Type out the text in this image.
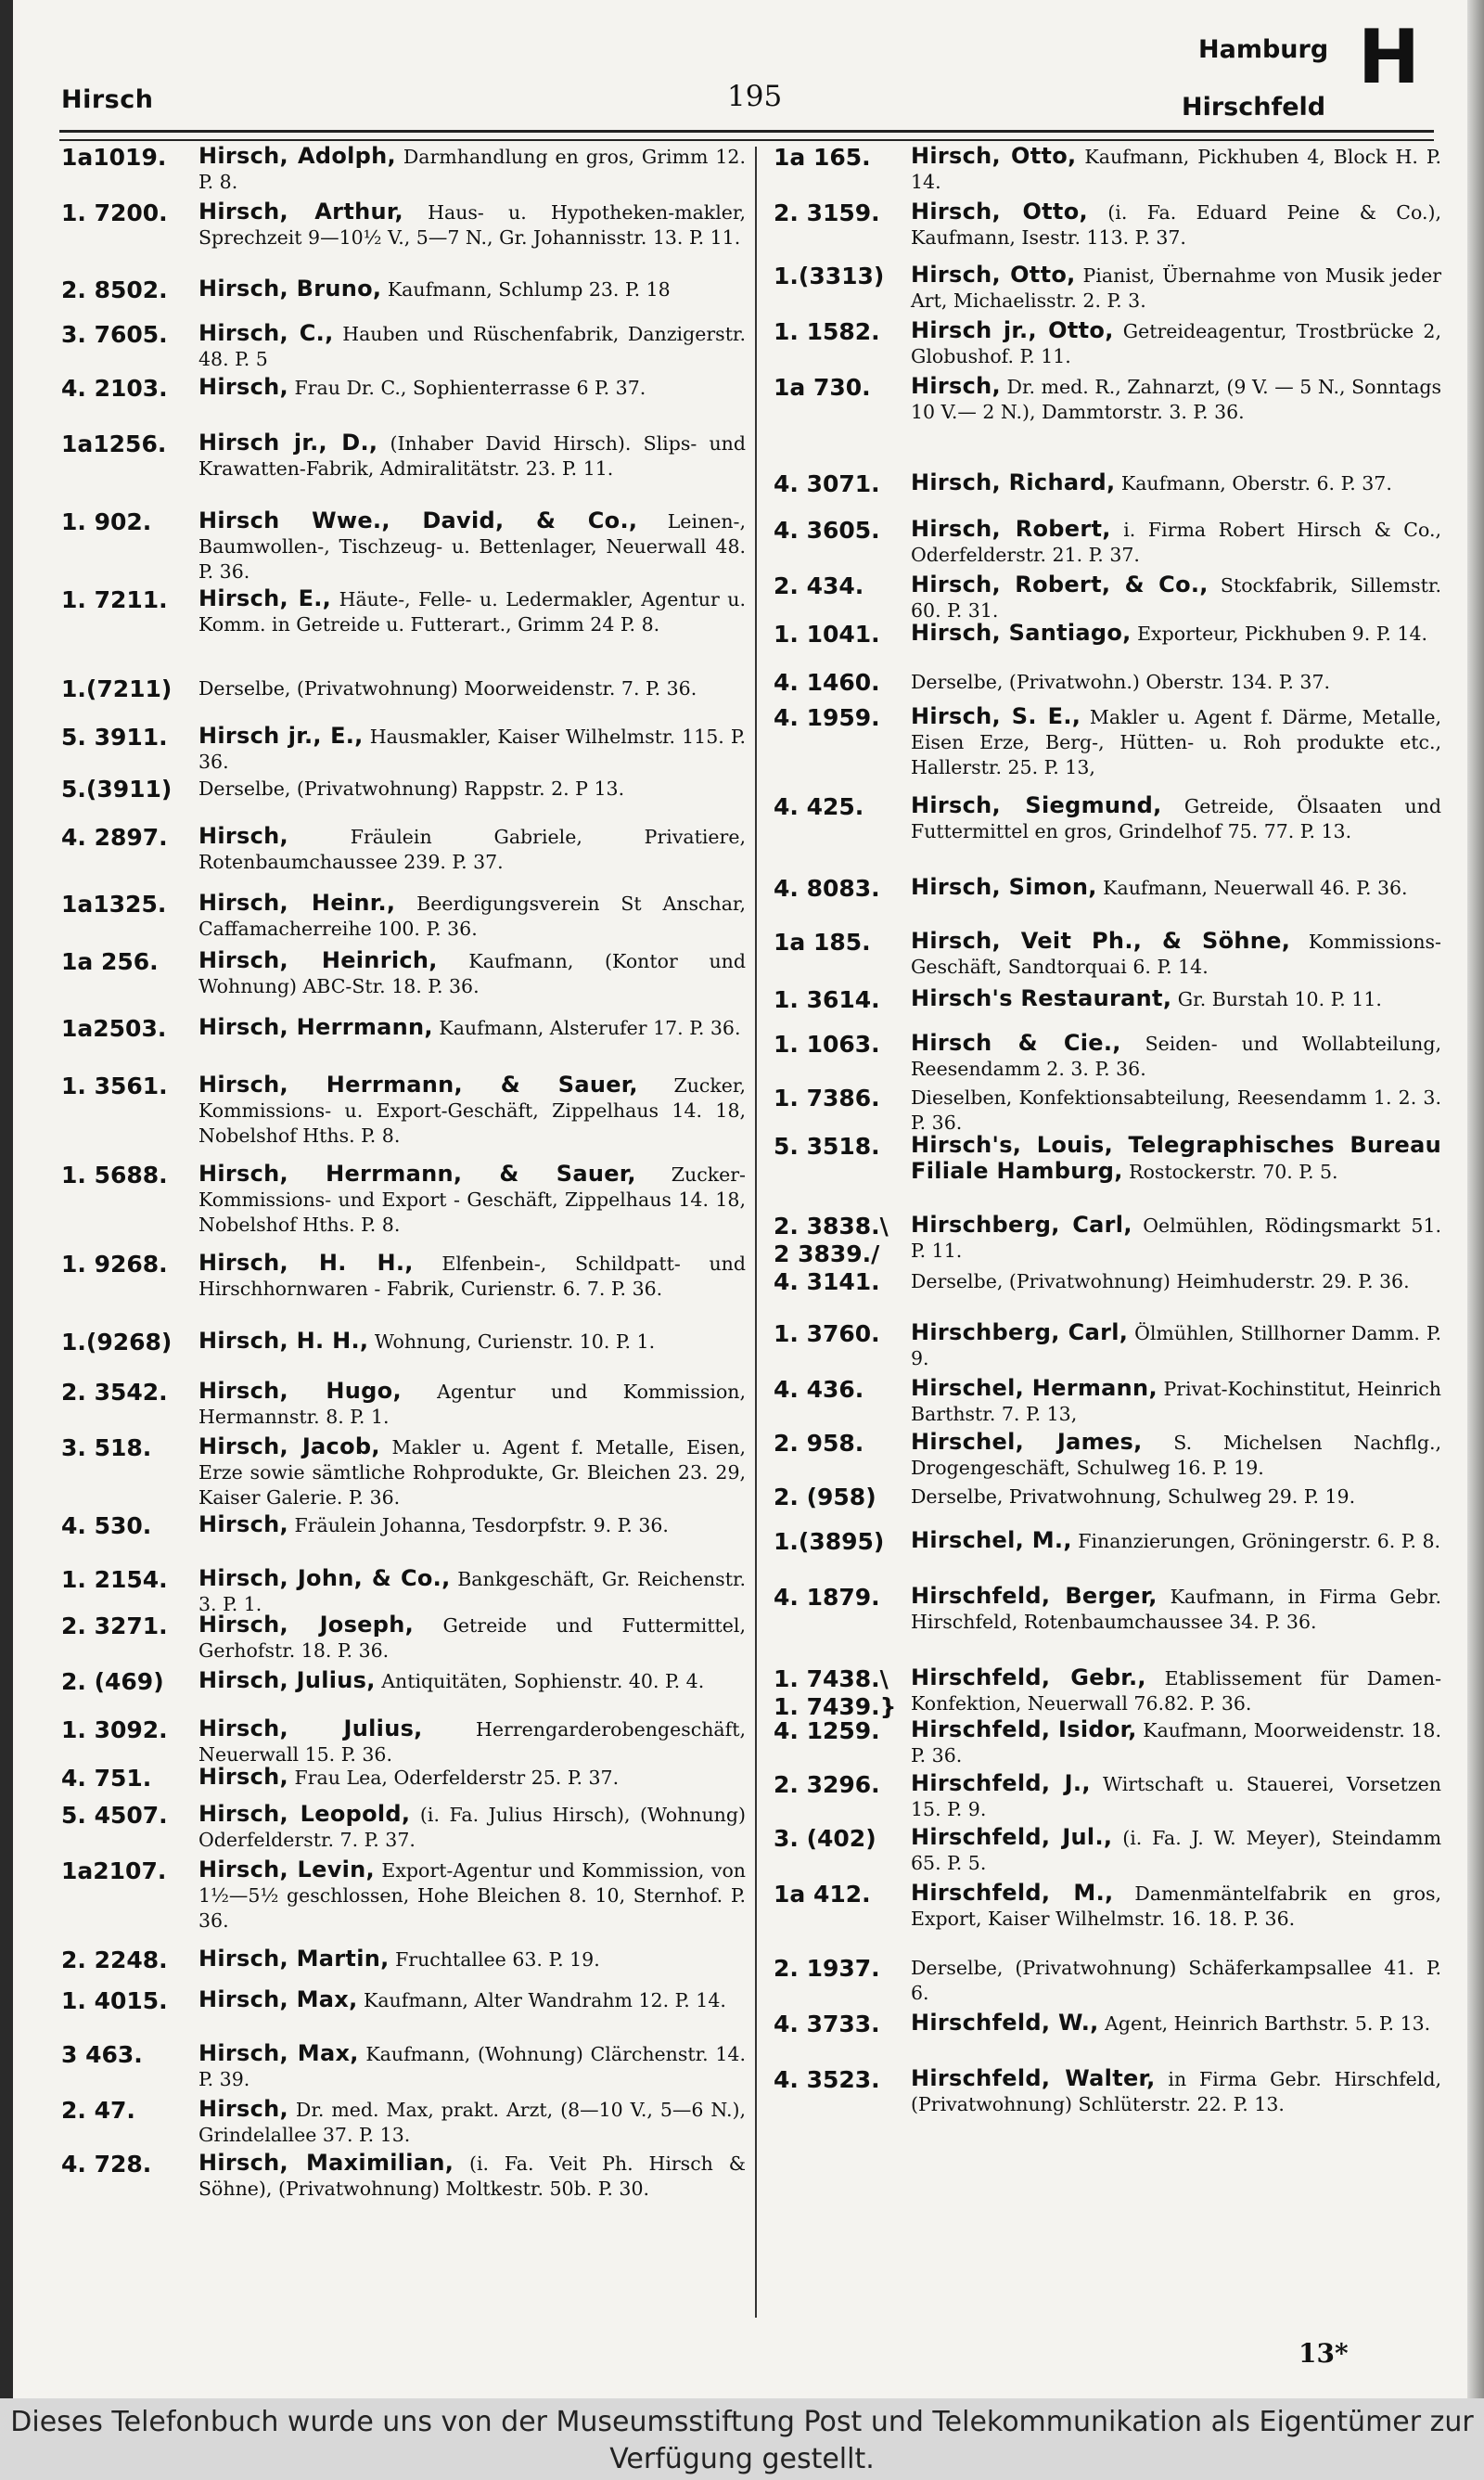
Hirsch	195
Hamburg
Hirschfeld
H
1a1019. Hirsch, Adolph, Darmhandlung en gros, Grimm 12. P. 8.
1. 7200. Hirsch, Arthur, Haus- u. Hypotheken-makler, Sprechzeit 9—10½ V., 5—7 N., Gr. Johannisstr. 13. P. 11.
2. 8502. Hirsch, Bruno, Kaufmann, Schlump 23. P. 18
3. 7605. Hirsch, C., Hauben und Rüschenfabrik, Danzigerstr. 48. P. 5
4. 2103. Hirsch, Frau Dr. C., Sophienterrasse 6 P. 37.
1a1256. Hirsch jr., D., (Inhaber David Hirsch). Slips- und Krawatten-Fabrik, Admiralitätstr. 23. P. 11.
1. 902. Hirsch Wwe., David, & Co., Leinen-, Baumwollen-, Tischzeug- u. Bettenlager, Neuerwall 48. P. 36.
1. 7211. Hirsch, E., Häute-, Felle- u. Ledermakler, Agentur u. Komm. in Getreide u. Futterart., Grimm 24 P. 8.
1.(7211) Derselbe, (Privatwohnung) Moorweidenstr. 7. P. 36.
5. 3911. Hirsch jr., E., Hausmakler, Kaiser Wilhelmstr. 115. P. 36.
5.(3911) Derselbe, (Privatwohnung) Rappstr. 2. P 13.
4. 2897. Hirsch, Fräulein Gabriele, Privatiere, Rotenbaumchaussee 239. P. 37.
1a1325. Hirsch, Heinr., Beerdigungsverein St Anschar, Caffamacherreihe 100. P. 36.
1a 256. Hirsch, Heinrich, Kaufmann, (Kontor und Wohnung) ABC-Str. 18. P. 36.
1a2503. Hirsch, Herrmann, Kaufmann, Alsterufer 17. P. 36.
1. 3561. Hirsch, Herrmann, & Sauer, Zucker, Kommissions- u. Export-Geschäft, Zippelhaus 14. 18, Nobelshof Hths. P. 8.
1. 5688. Hirsch, Herrmann, & Sauer, Zucker-Kommissions- und Export - Geschäft, Zippelhaus 14. 18, Nobelshof Hths. P. 8.
1. 9268. Hirsch, H. H., Elfenbein-, Schildpatt- und Hirschhornwaren - Fabrik, Curienstr. 6. 7. P. 36.
1.(9268) Hirsch, H. H., Wohnung, Curienstr. 10. P. 1.
2. 3542. Hirsch, Hugo, Agentur und Kommission, Hermannstr. 8. P. 1.
3. 518. Hirsch, Jacob, Makler u. Agent f. Metalle, Eisen, Erze sowie sämtliche Rohprodukte, Gr. Bleichen 23. 29, Kaiser Galerie. P. 36.
4. 530. Hirsch, Fräulein Johanna, Tesdorpfstr. 9. P. 36.
1. 2154. Hirsch, John, & Co., Bankgeschäft, Gr. Reichenstr. 3. P. 1.
2. 3271. Hirsch, Joseph, Getreide und Futtermittel, Gerhofstr. 18. P. 36.
2. (469) Hirsch, Julius, Antiquitäten, Sophienstr. 40. P. 4.
1. 3092. Hirsch, Julius, Herrengarderobengeschäft, Neuerwall 15. P. 36.
4. 751. Hirsch, Frau Lea, Oderfelderstr 25. P. 37.
5. 4507. Hirsch, Leopold, (i. Fa. Julius Hirsch), (Wohnung) Oderfelderstr. 7. P. 37.
1a2107. Hirsch, Levin, Export-Agentur und Kommission, von 1½—5½ geschlossen, Hohe Bleichen 8. 10, Sternhof. P. 36.
2. 2248. Hirsch, Martin, Fruchtallee 63. P. 19.
1. 4015. Hirsch, Max, Kaufmann, Alter Wandrahm 12. P. 14.
3 463.	Hirsch, Max, Kaufmann, (Wohnung) Clärchenstr. 14. P. 39.
2. 47.	Hirsch, Dr. med. Max, prakt. Arzt, (8—10 V., 5—6 N.), Grindelallee 37. P. 13.
4. 728. Hirsch, Maximilian, (i. Fa. Veit Ph. Hirsch & Söhne), (Privatwohnung) Moltkestr. 50b. P. 30.
1a 165. Hirsch, Otto, Kaufmann, Pickhuben 4, Block H. P. 14.
2. 3159. Hirsch, Otto, (i. Fa. Eduard Peine & Co.), Kaufmann, Isestr. 113. P. 37.
1.(3313) Hirsch, Otto, Pianist, Übernahme von Musik jeder Art, Michaelisstr. 2. P. 3.
1. 1582. Hirsch jr., Otto, Getreideagentur, Trostbrücke 2, Globushof. P. 11.
1a 730. Hirsch, Dr. med. R., Zahnarzt, (9 V. — 5 N., Sonntags 10 V.— 2 N.), Dammtorstr. 3. P. 36.
4. 3071. Hirsch, Richard, Kaufmann, Oberstr. 6. P. 37.
4. 3605. Hirsch, Robert, i. Firma Robert Hirsch & Co., Oderfelderstr. 21. P. 37.
2. 434. Hirsch, Robert, & Co., Stockfabrik, Sillemstr. 60. P. 31.
1. 1041. Hirsch, Santiago, Exporteur, Pickhuben 9. P. 14.
4. 1460. Derselbe, (Privatwohn.) Oberstr. 134. P. 37.
4. 1959. Hirsch, S. E., Makler u. Agent f. Därme, Metalle, Eisen Erze, Berg-, Hütten- u. Roh produkte etc., Hallerstr. 25. P. 13,
4. 425. Hirsch, Siegmund, Getreide, Ölsaaten und Futtermittel en gros, Grindelhof 75. 77. P. 13.
4. 8083. Hirsch, Simon, Kaufmann, Neuerwall 46. P. 36.
1a 185. Hirsch, Veit Ph., & Söhne, Kommissions-Geschäft, Sandtorquai 6. P. 14.
1. 3614. Hirsch's Restaurant, Gr. Burstah 10. P. 11.
1. 1063. Hirsch & Cie., Seiden- und Wollabteilung, Reesendamm 2. 3. P. 36.
1. 7386. Dieselben, Konfektionsabteilung, Reesendamm 1. 2. 3. P. 36.
5. 3518. Hirsch's, Louis, Telegraphisches Bureau Filiale Hamburg, Rostockerstr. 70. P. 5.
2. 3838.\
2 3839./
Hirschberg, Carl, Oelmühlen, Rödingsmarkt 51. P. 11.
4. 3141. Derselbe, (Privatwohnung) Heimhuderstr. 29. P. 36.
1. 3760. Hirschberg, Carl, Ölmühlen, Stillhorner Damm. P. 9.
4. 436. Hirschel, Hermann, Privat-Kochinstitut, Heinrich Barthstr. 7. P. 13,
2. 958. Hirschel, James, S. Michelsen Nachflg., Drogengeschäft, Schulweg 16. P. 19.
2. (958) Derselbe, Privatwohnung, Schulweg 29. P. 19.
1.(3895) Hirschel, M., Finanzierungen, Gröningerstr. 6. P. 8.
4. 1879. Hirschfeld, Berger, Kaufmann, in Firma Gebr. Hirschfeld, Rotenbaumchaussee 34. P. 36.
1. 7438.\
1. 7439.}
Hirschfeld, Gebr., Etablissement für Damen-Konfektion, Neuerwall 76.82. P. 36.
4. 1259. Hirschfeld, Isidor, Kaufmann, Moorweidenstr. 18. P. 36.
2. 3296. Hirschfeld, J., Wirtschaft u. Stauerei, Vorsetzen 15. P. 9.
3. (402) Hirschfeld, Jul., (i. Fa. J. W. Meyer), Steindamm 65. P. 5.
1a 412. Hirschfeld, M., Damenmäntelfabrik en gros, Export, Kaiser Wilhelmstr. 16. 18. P. 36.
2. 1937. Derselbe, (Privatwohnung) Schäferkampsallee 41. P. 6.
4. 3733. Hirschfeld, W., Agent, Heinrich Barthstr. 5. P. 13.
4. 3523. Hirschfeld, Walter, in Firma Gebr. Hirschfeld, (Privatwohnung) Schlüterstr. 22. P. 13.
13*
Dieses Telefonbuch wurde uns von der Museumsstiftung Post und Telekommunikation als Eigentümer zur Verfügung gestellt.
